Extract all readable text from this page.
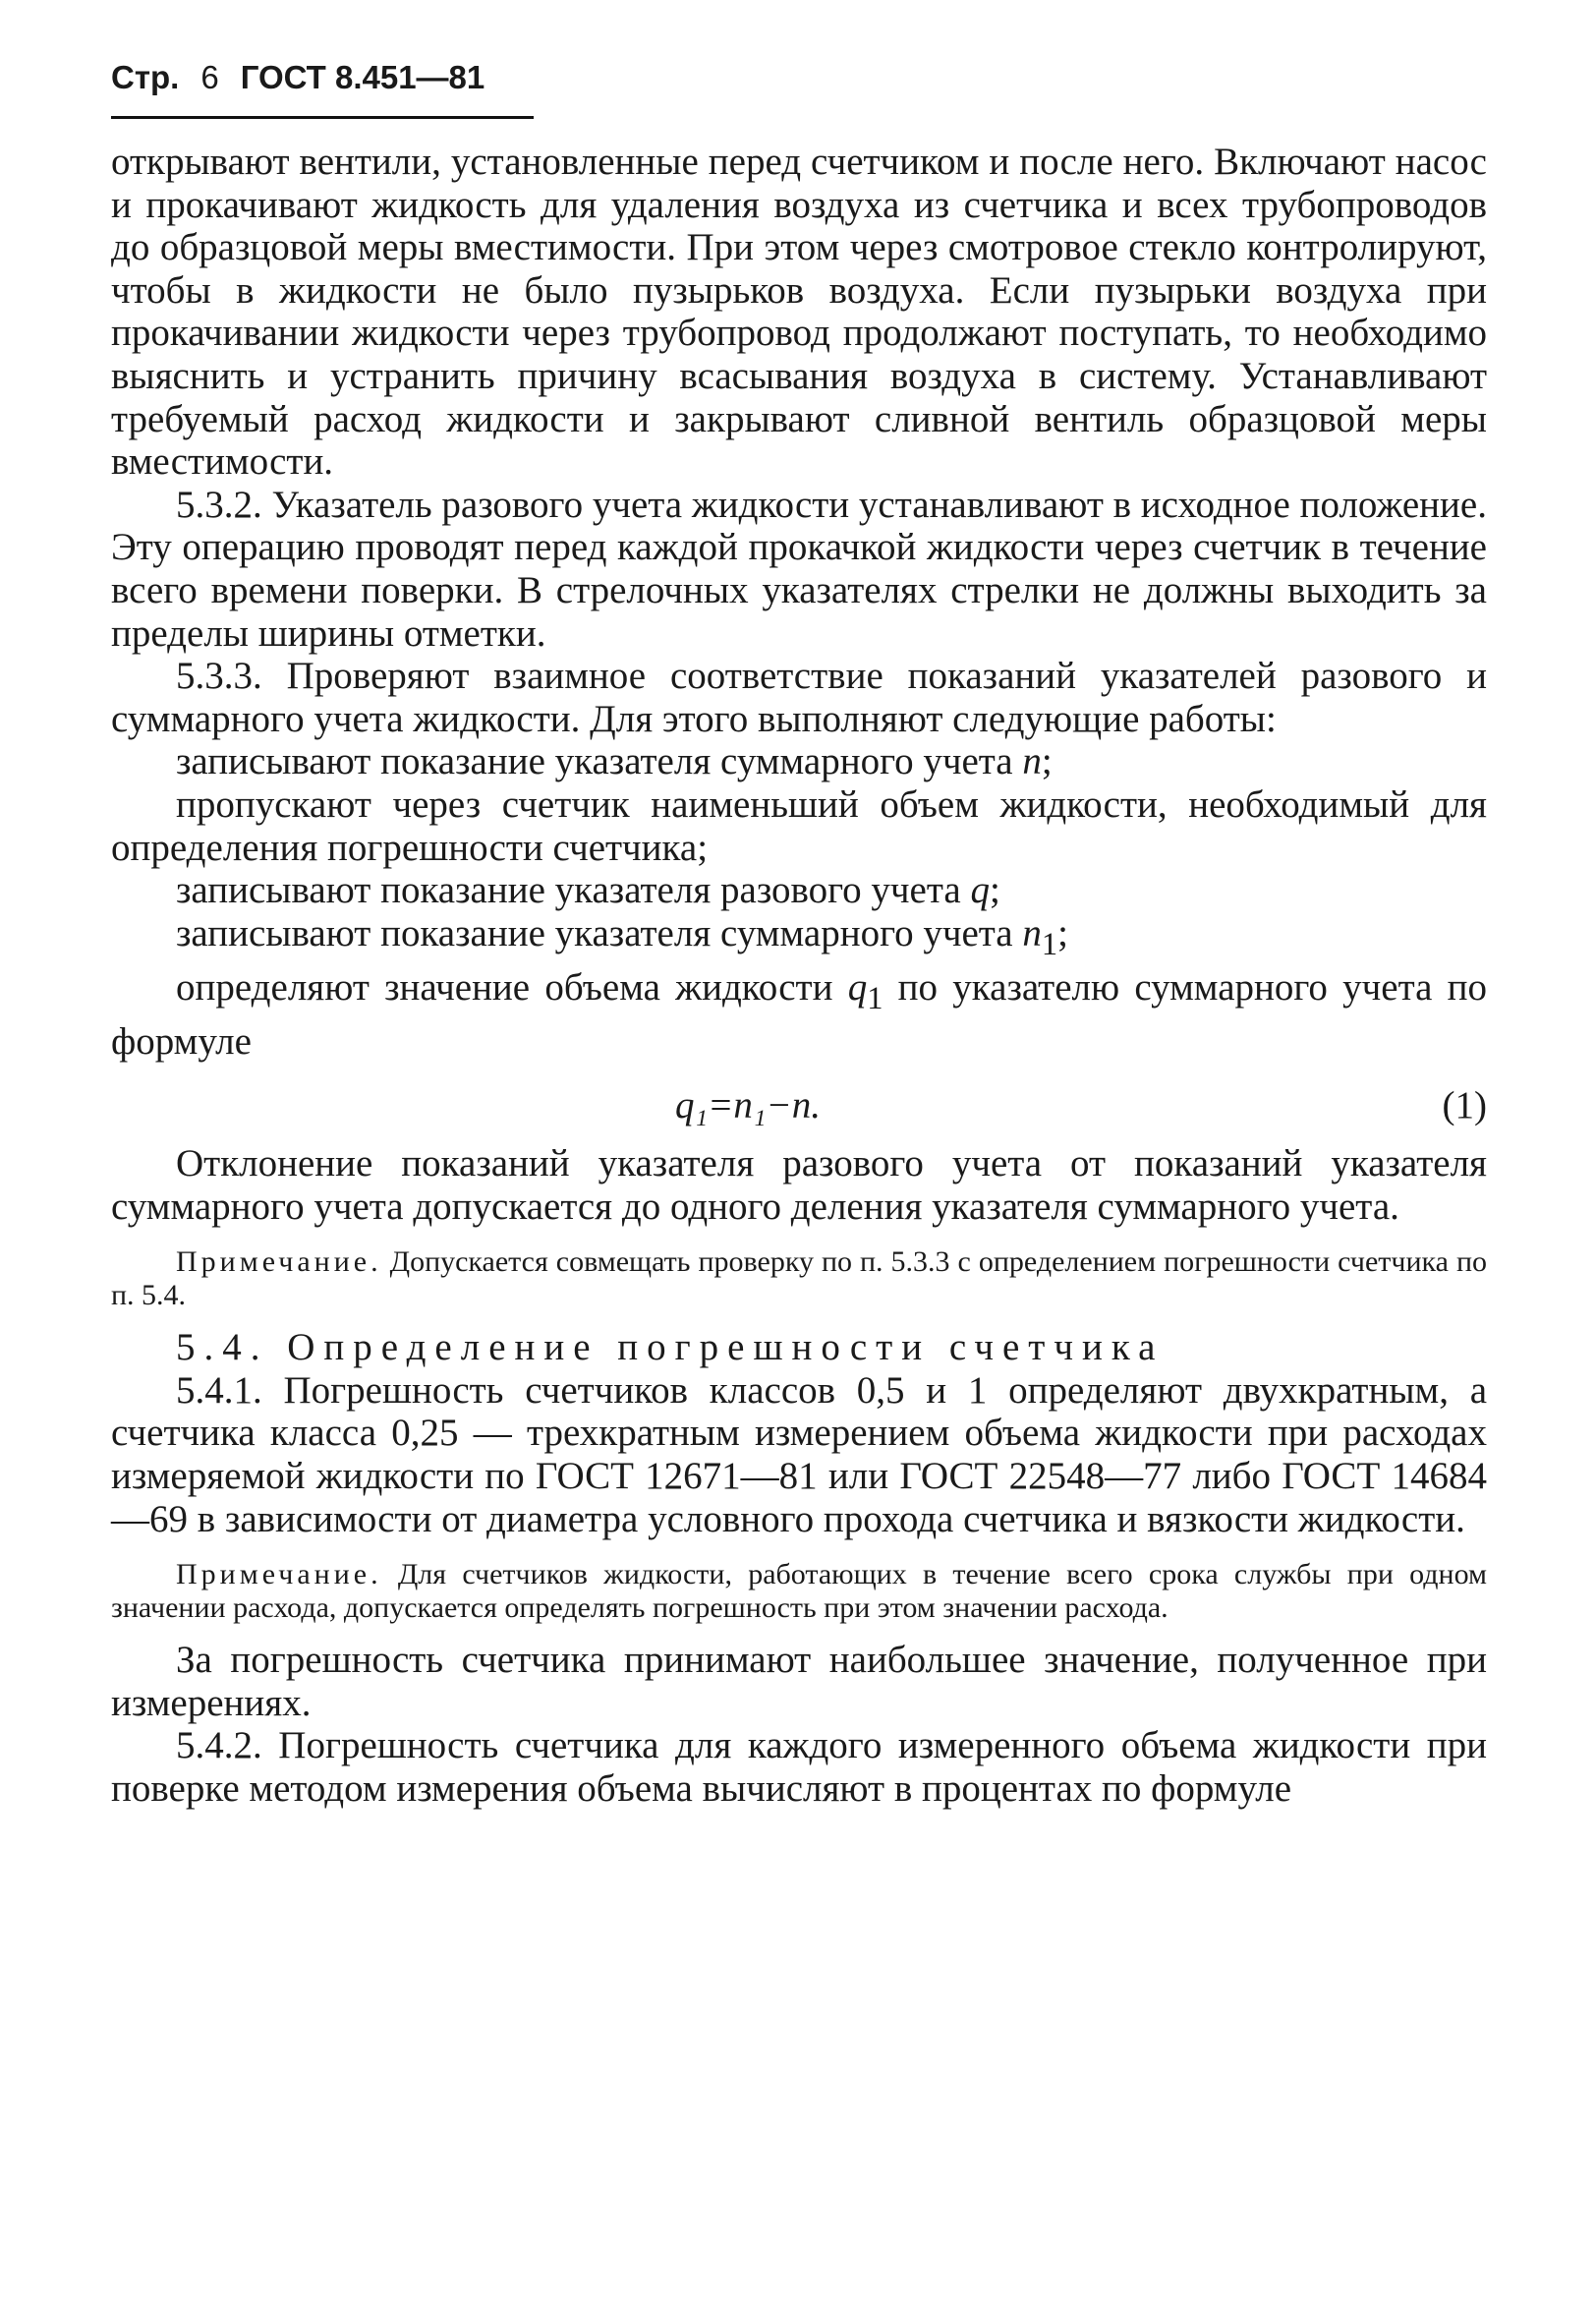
Стр. 6 ГОСТ 8.451—81

открывают вентили, установленные перед счетчиком и после него. Включают насос и прокачивают жидкость для удаления воздуха из счетчика и всех трубопроводов до образцовой меры вместимости. При этом через смотровое стекло контролируют, чтобы в жидкости не было пузырьков воздуха. Если пузырьки воздуха при прокачивании жидкости через трубопровод продолжают поступать, то необходимо выяснить и устранить причину всасывания воздуха в систему. Устанавливают требуемый расход жидкости и закрывают сливной вентиль образцовой меры вместимости.

5.3.2. Указатель разового учета жидкости устанавливают в исходное положение. Эту операцию проводят перед каждой прокачкой жидкости через счетчик в течение всего времени поверки. В стрелочных указателях стрелки не должны выходить за пределы ширины отметки.

5.3.3. Проверяют взаимное соответствие показаний указателей разового и суммарного учета жидкости. Для этого выполняют следующие работы:

записывают показание указателя суммарного учета n;

пропускают через счетчик наименьший объем жидкости, необходимый для определения погрешности счетчика;

записывают показание указателя разового учета q;

записывают показание указателя суммарного учета $n_1$;

определяют значение объема жидкости $q_1$ по указателю суммарного учета по формуле

q₁=n₁−n.	(1)

Отклонение показаний указателя разового учета от показаний указателя суммарного учета допускается до одного деления указателя суммарного учета.

Примечание. Допускается совмещать проверку по п. 5.3.3 с определением погрешности счетчика по п. 5.4.

5.4. Определение погрешности счетчика

5.4.1. Погрешность счетчиков классов 0,5 и 1 определяют двухкратным, а счетчика класса 0,25 — трехкратным измерением объема жидкости при расходах измеряемой жидкости по ГОСТ 12671—81 или ГОСТ 22548—77 либо ГОСТ 14684—69 в зависимости от диаметра условного прохода счетчика и вязкости жидкости.

Примечание. Для счетчиков жидкости, работающих в течение всего срока службы при одном значении расхода, допускается определять погрешность при этом значении расхода.

За погрешность счетчика принимают наибольшее значение, полученное при измерениях.

5.4.2. Погрешность счетчика для каждого измеренного объема жидкости при поверке методом измерения объема вычисляют в процентах по формуле
